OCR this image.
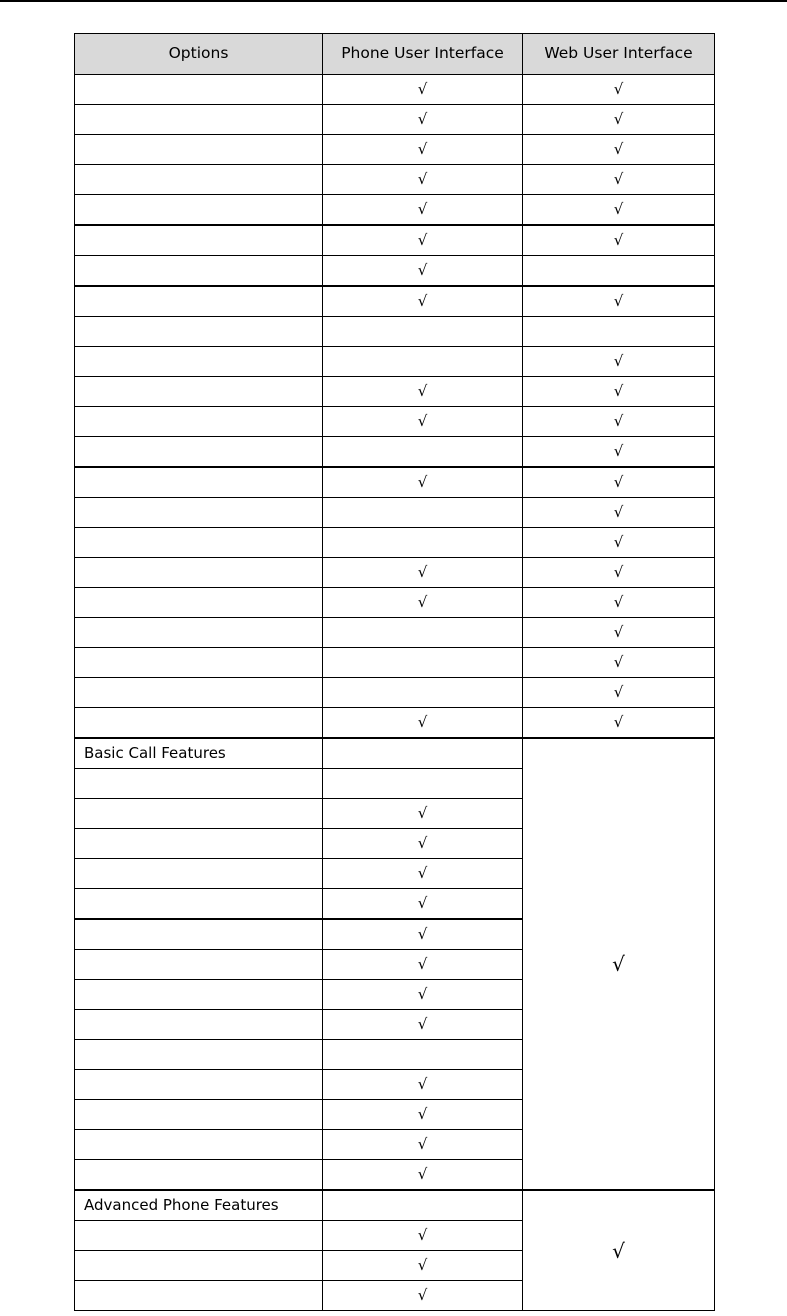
Options	Phone User Interface	Web User Interface
	√	√
	√	√
	√	√
	√	√
	√	√
	√	√
	√	
	√	√

		√
	√	√
	√	√
		√
	√	√
		√
		√
	√	√
	√	√
		√
		√
		√
	√	√
Basic Call Features		√

	√	
	√	
	√	
	√	
	√	
	√	
	√	
	√	

	√	
	√	
	√	
	√	
Advanced Phone Features		√
	√	
	√	
	√	
